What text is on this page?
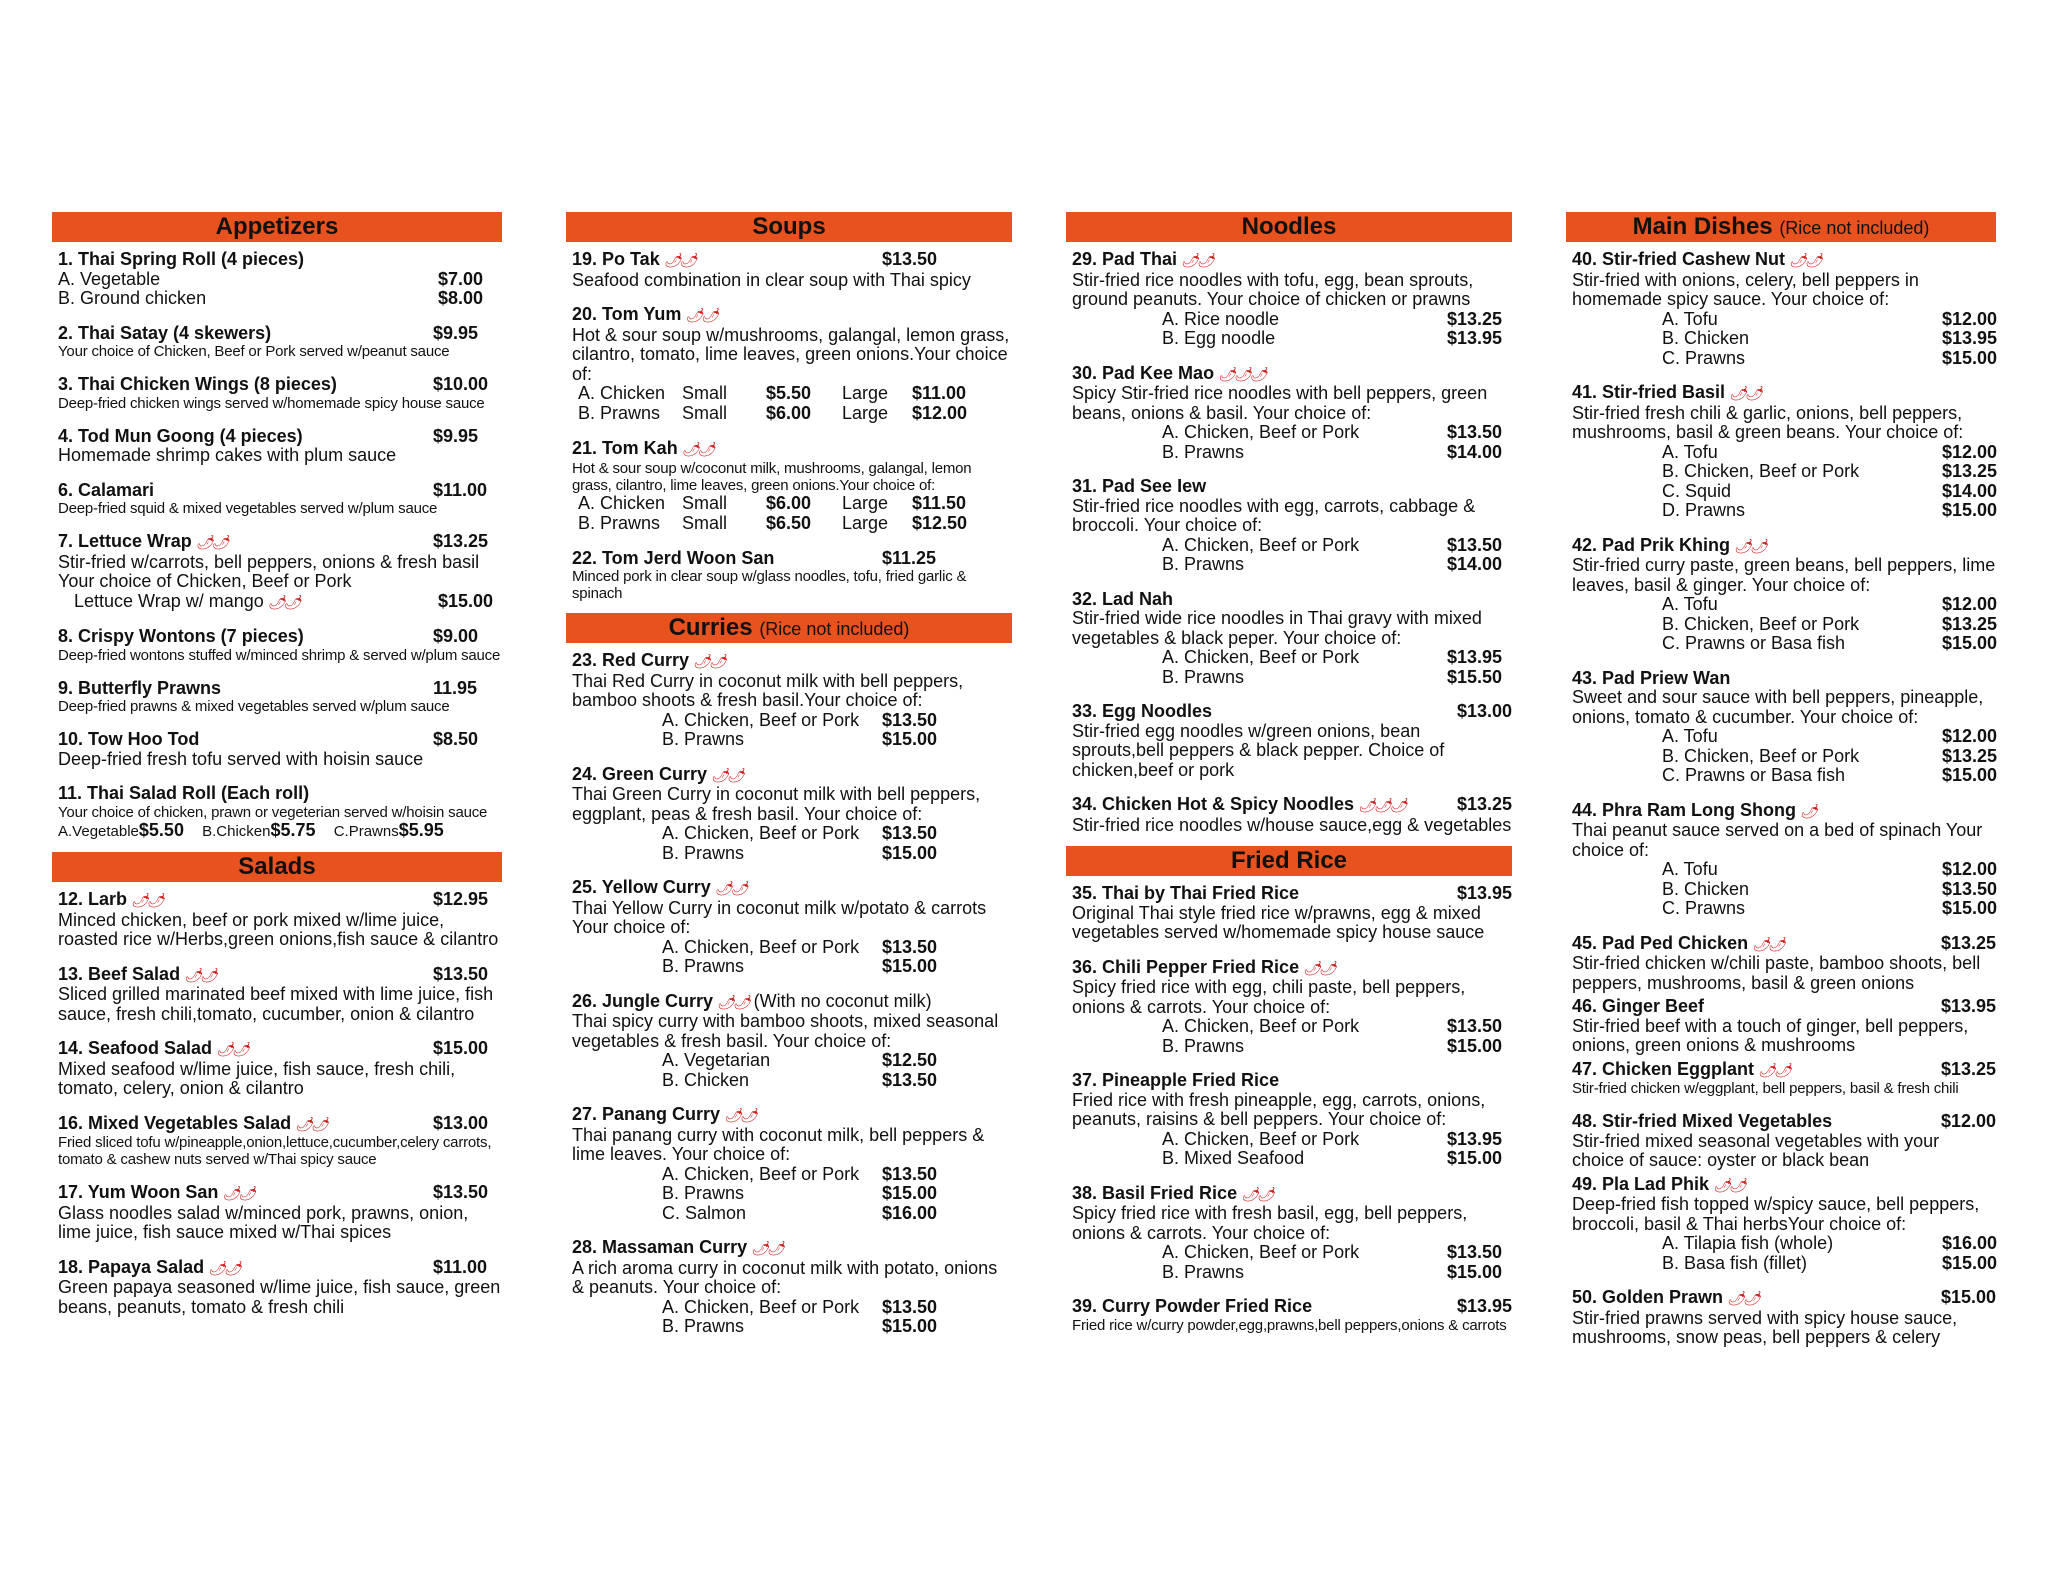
Appetizers
1. Thai Spring Roll (4 pieces)
A. Vegetable	$7.00
B. Ground chicken	$8.00
2. Thai Satay (4 skewers)	$9.95
Your choice of Chicken, Beef or Pork served w/peanut sauce
3. Thai Chicken Wings (8 pieces)	$10.00
Deep-fried chicken wings served w/homemade spicy house sauce
4. Tod Mun Goong (4 pieces)	$9.95
Homemade shrimp cakes with plum sauce
6. Calamari	$11.00
Deep-fried squid & mixed vegetables served w/plum sauce
7. Lettuce Wrap 🌶🌶	$13.25
Stir-fried w/carrots, bell peppers, onions & fresh basil Your choice of Chicken, Beef or Pork
Lettuce Wrap w/ mango 🌶🌶	$15.00
8. Crispy Wontons (7 pieces)	$9.00
Deep-fried wontons stuffed w/minced shrimp & served w/plum sauce
9. Butterfly Prawns	11.95
Deep-fried prawns & mixed vegetables served w/plum sauce
10. Tow Hoo Tod	$8.50
Deep-fried fresh tofu served with hoisin sauce
11. Thai Salad Roll (Each roll)
Your choice of chicken, prawn or vegeterian served w/hoisin sauce
A.Vegetable$5.50 B.Chicken$5.75 C.Prawns$5.95
Salads
12. Larb 🌶🌶	$12.95
Minced chicken, beef or pork mixed w/lime juice, roasted rice w/Herbs,green onions,fish sauce & cilantro
13. Beef Salad 🌶🌶	$13.50
Sliced grilled marinated beef mixed with lime juice, fish sauce, fresh chili,tomato, cucumber, onion & cilantro
14. Seafood Salad 🌶🌶	$15.00
Mixed seafood w/lime juice, fish sauce, fresh chili, tomato, celery, onion & cilantro
16. Mixed Vegetables Salad 🌶🌶	$13.00
Fried sliced tofu w/pineapple,onion,lettuce,cucumber,celery carrots, tomato & cashew nuts served w/Thai spicy sauce
17. Yum Woon San 🌶🌶	$13.50
Glass noodles salad w/minced pork, prawns, onion, lime juice, fish sauce mixed w/Thai spices
18. Papaya Salad 🌶🌶	$11.00
Green papaya seasoned w/lime juice, fish sauce, green beans, peanuts, tomato & fresh chili
Soups
19. Po Tak 🌶🌶	$13.50
Seafood combination in clear soup with Thai spicy
20. Tom Yum 🌶🌶
Hot & sour soup w/mushrooms, galangal, lemon grass, cilantro, tomato, lime leaves, green onions.Your choice of:
A. Chicken Small $5.50 Large $11.00
B. Prawns Small $6.00 Large $12.00
21. Tom Kah 🌶🌶
Hot & sour soup w/coconut milk, mushrooms, galangal, lemon grass, cilantro, lime leaves, green onions.Your choice of:
A. Chicken Small $6.00 Large $11.50
B. Prawns Small $6.50 Large $12.50
22. Tom Jerd Woon San	$11.25
Minced pork in clear soup w/glass noodles, tofu, fried garlic & spinach
Curries (Rice not included)
23. Red Curry 🌶🌶
Thai Red Curry in coconut milk with bell peppers, bamboo shoots & fresh basil.Your choice of:
A. Chicken, Beef or Pork $13.50
B. Prawns	$15.00
24. Green Curry 🌶🌶
Thai Green Curry in coconut milk with bell peppers, eggplant, peas & fresh basil. Your choice of:
A. Chicken, Beef or Pork $13.50
B. Prawns	$15.00
25. Yellow Curry 🌶🌶
Thai Yellow Curry in coconut milk w/potato & carrots Your choice of:
A. Chicken, Beef or Pork $13.50
B. Prawns	$15.00
26. Jungle Curry 🌶🌶 (With no coconut milk)
Thai spicy curry with bamboo shoots, mixed seasonal vegetables & fresh basil. Your choice of:
A. Vegetarian	$12.50
B. Chicken	$13.50
27. Panang Curry 🌶🌶
Thai panang curry with coconut milk, bell peppers & lime leaves. Your choice of:
A. Chicken, Beef or Pork $13.50
B. Prawns	$15.00
C. Salmon	$16.00
28. Massaman Curry 🌶🌶
A rich aroma curry in coconut milk with potato, onions & peanuts. Your choice of:
A. Chicken, Beef or Pork $13.50
B. Prawns	$15.00
Noodles
29. Pad Thai 🌶🌶
Stir-fried rice noodles with tofu, egg, bean sprouts, ground peanuts. Your choice of chicken or prawns
A. Rice noodle	$13.25
B. Egg noodle	$13.95
30. Pad Kee Mao 🌶🌶🌶
Spicy Stir-fried rice noodles with bell peppers, green beans, onions & basil. Your choice of:
A. Chicken, Beef or Pork	$13.50
B. Prawns	$14.00
31. Pad See Iew
Stir-fried rice noodles with egg, carrots, cabbage & broccoli. Your choice of:
A. Chicken, Beef or Pork	$13.50
B. Prawns	$14.00
32. Lad Nah
Stir-fried wide rice noodles in Thai gravy with mixed vegetables & black peper. Your choice of:
A. Chicken, Beef or Pork	$13.95
B. Prawns	$15.50
33. Egg Noodles	$13.00
Stir-fried egg noodles w/green onions, bean sprouts,bell peppers & black pepper. Choice of chicken,beef or pork
34. Chicken Hot & Spicy Noodles 🌶🌶🌶	$13.25
Stir-fried rice noodles w/house sauce,egg & vegetables
Fried Rice
35. Thai by Thai Fried Rice	$13.95
Original Thai style fried rice w/prawns, egg & mixed vegetables served w/homemade spicy house sauce
36. Chili Pepper Fried Rice 🌶🌶
Spicy fried rice with egg, chili paste, bell peppers, onions & carrots. Your choice of:
A. Chicken, Beef or Pork	$13.50
B. Prawns	$15.00
37. Pineapple Fried Rice
Fried rice with fresh pineapple, egg, carrots, onions, peanuts, raisins & bell peppers. Your choice of:
A. Chicken, Beef or Pork	$13.95
B. Mixed Seafood	$15.00
38. Basil Fried Rice 🌶🌶
Spicy fried rice with fresh basil, egg, bell peppers, onions & carrots. Your choice of:
A. Chicken, Beef or Pork	$13.50
B. Prawns	$15.00
39. Curry Powder Fried Rice	$13.95
Fried rice w/curry powder,egg,prawns,bell peppers,onions & carrots
Main Dishes (Rice not included)
40. Stir-fried Cashew Nut 🌶🌶
Stir-fried with onions, celery, bell peppers in homemade spicy sauce. Your choice of:
A. Tofu	$12.00
B. Chicken	$13.95
C. Prawns	$15.00
41. Stir-fried Basil 🌶🌶
Stir-fried fresh chili & garlic, onions, bell peppers, mushrooms, basil & green beans. Your choice of:
A. Tofu	$12.00
B. Chicken, Beef or Pork	$13.25
C. Squid	$14.00
D. Prawns	$15.00
42. Pad Prik Khing 🌶🌶
Stir-fried curry paste, green beans, bell peppers, lime leaves, basil & ginger. Your choice of:
A. Tofu	$12.00
B. Chicken, Beef or Pork	$13.25
C. Prawns or Basa fish	$15.00
43. Pad Priew Wan
Sweet and sour sauce with bell peppers, pineapple, onions, tomato & cucumber. Your choice of:
A. Tofu	$12.00
B. Chicken, Beef or Pork	$13.25
C. Prawns or Basa fish	$15.00
44. Phra Ram Long Shong 🌶
Thai peanut sauce served on a bed of spinach Your choice of:
A. Tofu	$12.00
B. Chicken	$13.50
C. Prawns	$15.00
45. Pad Ped Chicken 🌶🌶	$13.25
Stir-fried chicken w/chili paste, bamboo shoots, bell peppers, mushrooms, basil & green onions
46. Ginger Beef	$13.95
Stir-fried beef with a touch of ginger, bell peppers, onions, green onions & mushrooms
47. Chicken Eggplant 🌶🌶	$13.25
Stir-fried chicken w/eggplant, bell peppers, basil & fresh chili
48. Stir-fried Mixed Vegetables	$12.00
Stir-fried mixed seasonal vegetables with your choice of sauce: oyster or black bean
49. Pla Lad Phik 🌶🌶
Deep-fried fish topped w/spicy sauce, bell peppers, broccoli, basil & Thai herbsYour choice of:
A. Tilapia fish (whole)	$16.00
B. Basa fish (fillet)	$15.00
50. Golden Prawn 🌶🌶	$15.00
Stir-fried prawns served with spicy house sauce, mushrooms, snow peas, bell peppers & celery
